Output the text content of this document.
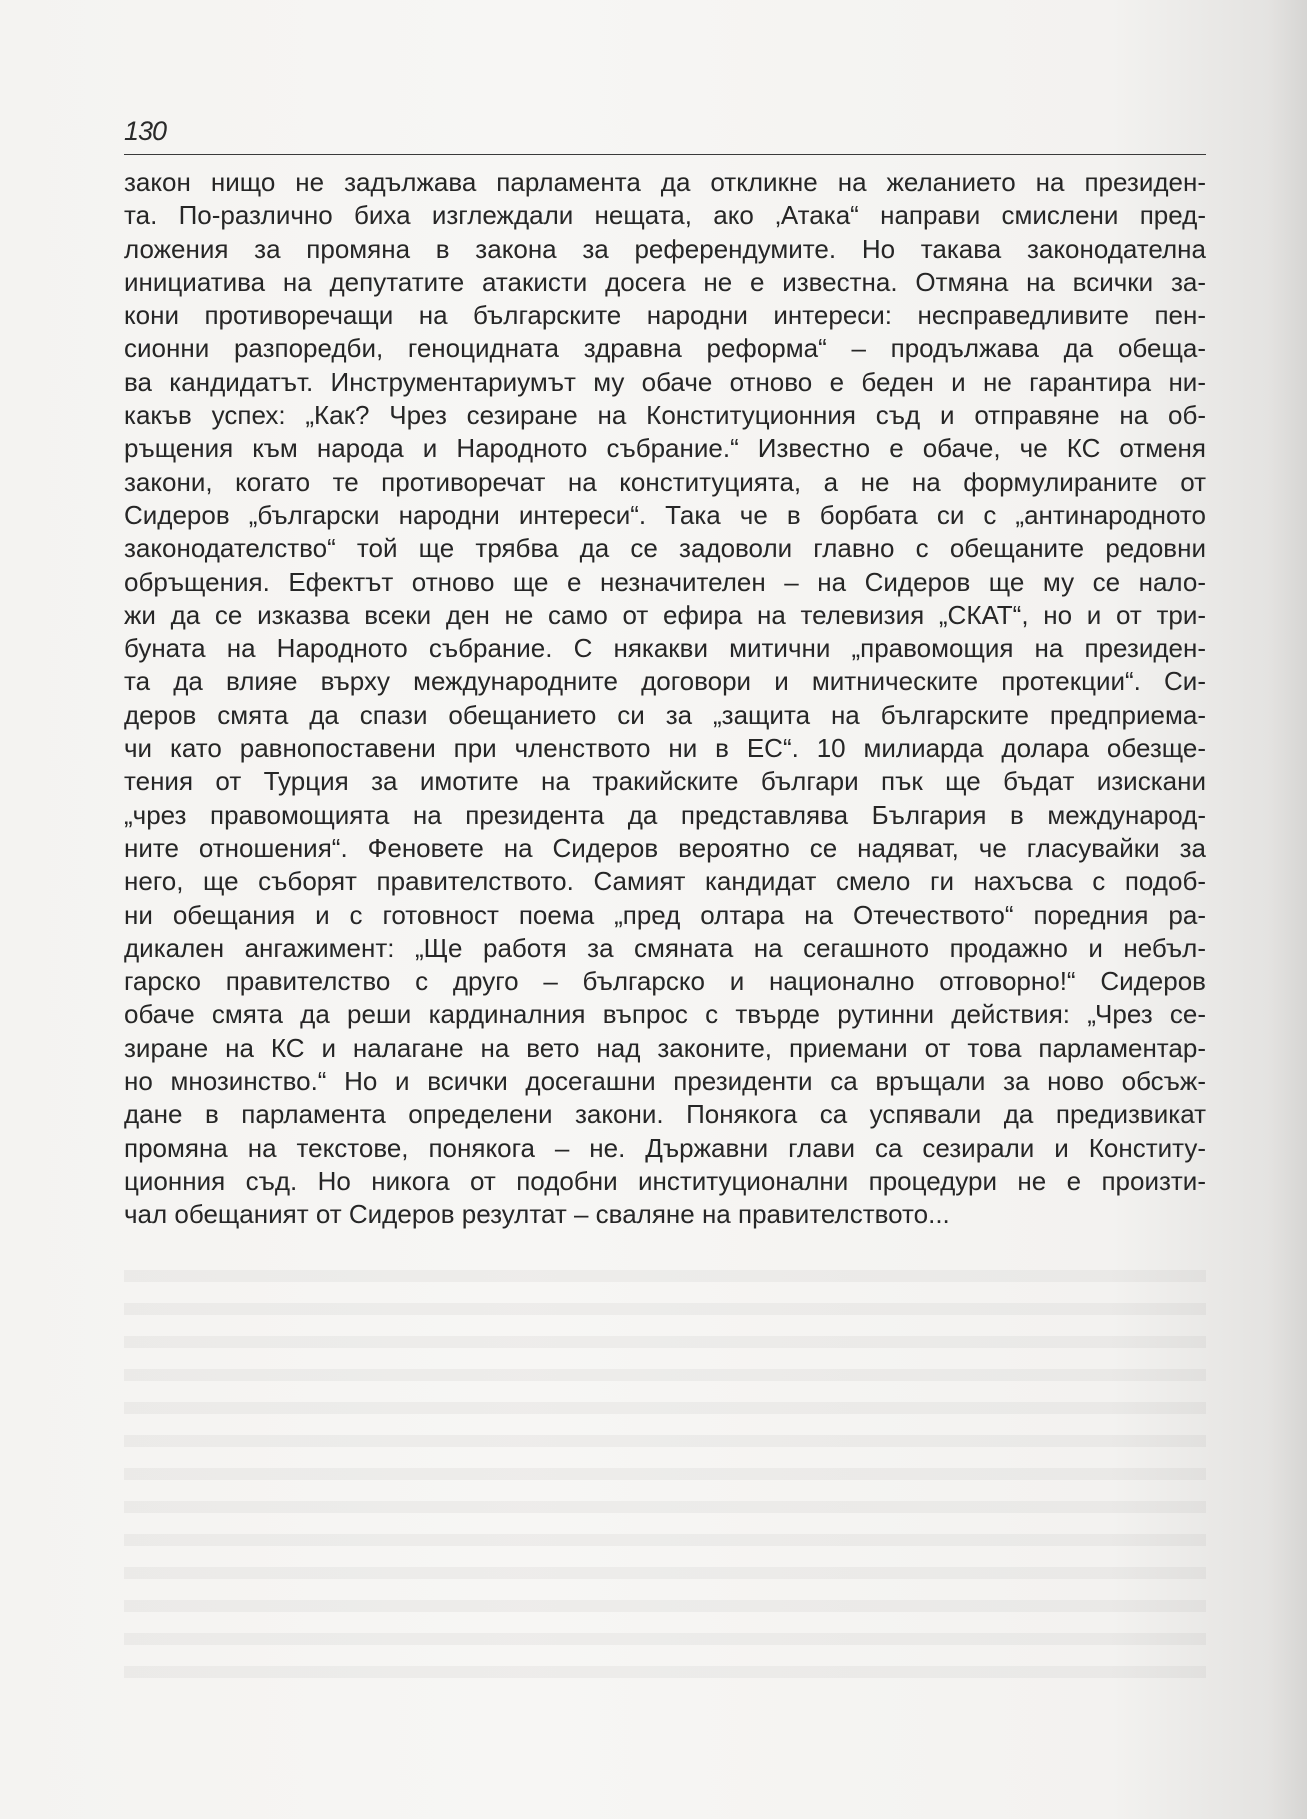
130
закон нищо не задължава парламента да откликне на желанието на президен-
та. По-различно биха изглеждали нещата, ако ‚Атака“ направи смислени пред-
ложения за промяна в закона за референдумите. Но такава законодателна
инициатива на депутатите атакисти досега не е известна. Отмяна на всички за-
кони противоречащи на българските народни интереси: несправедливите пен-
сионни разпоредби, геноцидната здравна реформа“ – продължава да обеща-
ва кандидатът. Инструментариумът му обаче отново е беден и не гарантира ни-
какъв успех: „Как? Чрез сезиране на Конституционния съд и отправяне на об-
ръщения към народа и Народното събрание.“ Известно е обаче, че КС отменя
закони, когато те противоречат на конституцията, а не на формулираните от
Сидеров „български народни интереси“. Така че в борбата си с „антинародното
законодателство“ той ще трябва да се задоволи главно с обещаните редовни
обръщения. Ефектът отново ще е незначителен – на Сидеров ще му се нало-
жи да се изказва всеки ден не само от ефира на телевизия „СКАТ“, но и от три-
буната на Народното събрание. С някакви митични „правомощия на президен-
та да влияе върху международните договори и митническите протекции“. Си-
деров смята да спази обещанието си за „защита на българските предприема-
чи като равнопоставени при членството ни в ЕС“. 10 милиарда долара обезще-
тения от Турция за имотите на тракийските българи пък ще бъдат изискани
„чрез правомощията на президента да представлява България в международ-
ните отношения“. Феновете на Сидеров вероятно се надяват, че гласувайки за
него, ще съборят правителството. Самият кандидат смело ги нахъсва с подоб-
ни обещания и с готовност поема „пред олтара на Отечеството“ поредния ра-
дикален ангажимент: „Ще работя за смяната на сегашното продажно и небъл-
гарско правителство с друго – българско и национално отговорно!“ Сидеров
обаче смята да реши кардиналния въпрос с твърде рутинни действия: „Чрез се-
зиране на КС и налагане на вето над законите, приемани от това парламентар-
но мнозинство.“ Но и всички досегашни президенти са връщали за ново обсъж-
дане в парламента определени закони. Понякога са успявали да предизвикат
промяна на текстове, понякога – не. Държавни глави са сезирали и Конститу-
ционния съд. Но никога от подобни институционални процедури не е произти-
чал обещаният от Сидеров резултат – сваляне на правителството...
